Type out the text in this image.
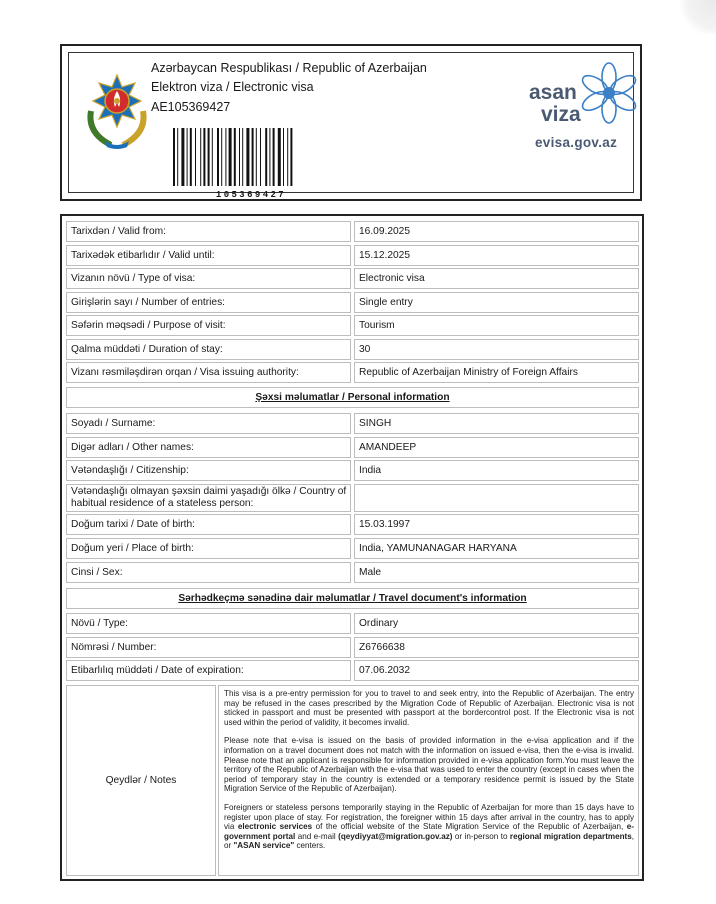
Azərbaycan Respublikası / Republic of Azerbaijan
Elektron viza / Electronic visa
AE105369427
105369427
asan
viza
evisa.gov.az
Tarixdən / Valid from:	16.09.2025
Tarixədək etibarlıdır / Valid until:	15.12.2025
Vizanın növü / Type of visa:	Electronic visa
Girişlərin sayı / Number of entries:	Single entry
Səfərin məqsədi / Purpose of visit:	Tourism
Qalma müddəti / Duration of stay:	30
Vizanı rəsmiləşdirən orqan / Visa issuing authority:	Republic of Azerbaijan Ministry of Foreign Affairs
Şəxsi məlumatlar / Personal information
Soyadı / Surname:	SINGH
Digər adları / Other names:	AMANDEEP
Vətəndaşlığı / Citizenship:	India
Vətəndaşlığı olmayan şəxsin daimi yaşadığı ölkə / Country of habitual residence of a stateless person:
Doğum tarixi / Date of birth:	15.03.1997
Doğum yeri / Place of birth:	India, YAMUNANAGAR HARYANA
Cinsi / Sex:	Male
Sərhədkeçmə sənədinə dair məlumatlar / Travel document's information
Növü / Type:	Ordinary
Nömrəsi / Number:	Z6766638
Etibarlılıq müddəti / Date of expiration:	07.06.2032
Qeydlər / Notes

This visa is a pre-entry permission for you to travel to and seek entry, into the Republic of Azerbaijan. The entry may be refused in the cases prescribed by the Migration Code of Republic of Azerbaijan. Electronic visa is not sticked in passport and must be presented with passport at the bordercontrol post. If the Electronic visa is not used within the period of validity, it becomes invalid.

Please note that e-visa is issued on the basis of provided information in the e-visa application and if the information on a travel document does not match with the information on issued e-visa, then the e-visa is invalid. Please note that an applicant is responsible for information provided in e-visa application form.You must leave the territory of the Republic of Azerbaijan with the e-visa that was used to enter the country (except in cases when the period of temporary stay in the country is extended or a temporary residence permit is issued by the State Migration Service of the Republic of Azerbaijan).

Foreigners or stateless persons temporarily staying in the Republic of Azerbaijan for more than 15 days have to register upon place of stay. For registration, the foreigner within 15 days after arrival in the country, has to apply via electronic services of the official website of the State Migration Service of the Republic of Azerbaijan, e-government portal and e-mail (qeydiyyat@migration.gov.az) or in-person to regional migration departments, or "ASAN service" centers.
